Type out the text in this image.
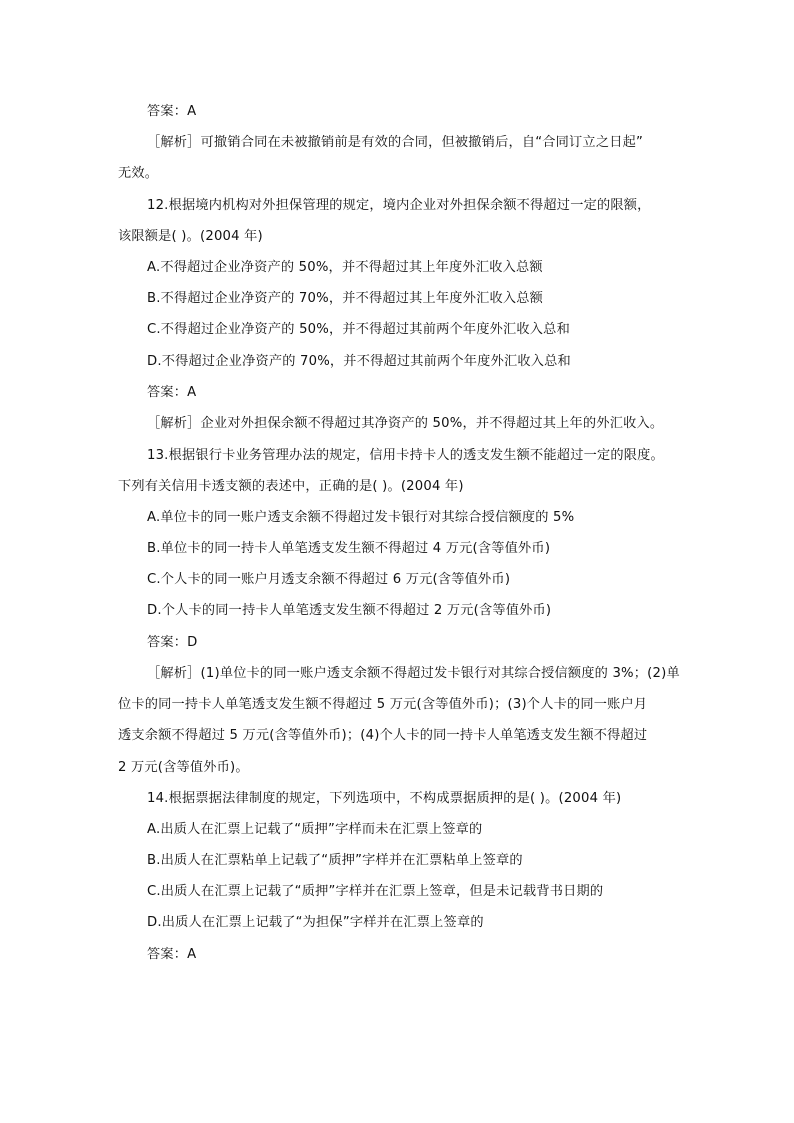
答案：A
［解析］可撤销合同在未被撤销前是有效的合同，但被撤销后，自“合同订立之日起”
无效。
12.根据境内机构对外担保管理的规定，境内企业对外担保余额不得超过一定的限额，
该限额是( )。(2004 年)
A.不得超过企业净资产的 50%，并不得超过其上年度外汇收入总额
B.不得超过企业净资产的 70%，并不得超过其上年度外汇收入总额
C.不得超过企业净资产的 50%，并不得超过其前两个年度外汇收入总和
D.不得超过企业净资产的 70%，并不得超过其前两个年度外汇收入总和
答案：A
［解析］企业对外担保余额不得超过其净资产的 50%，并不得超过其上年的外汇收入。
13.根据银行卡业务管理办法的规定，信用卡持卡人的透支发生额不能超过一定的限度。
下列有关信用卡透支额的表述中，正确的是( )。(2004 年)
A.单位卡的同一账户透支余额不得超过发卡银行对其综合授信额度的 5%
B.单位卡的同一持卡人单笔透支发生额不得超过 4 万元(含等值外币)
C.个人卡的同一账户月透支余额不得超过 6 万元(含等值外币)
D.个人卡的同一持卡人单笔透支发生额不得超过 2 万元(含等值外币)
答案：D
［解析］(1)单位卡的同一账户透支余额不得超过发卡银行对其综合授信额度的 3%；(2)单
位卡的同一持卡人单笔透支发生额不得超过 5 万元(含等值外币)；(3)个人卡的同一账户月
透支余额不得超过 5 万元(含等值外币)；(4)个人卡的同一持卡人单笔透支发生额不得超过
2 万元(含等值外币)。
14.根据票据法律制度的规定，下列选项中，不构成票据质押的是( )。(2004 年)
A.出质人在汇票上记载了“质押”字样而未在汇票上签章的
B.出质人在汇票粘单上记载了“质押”字样并在汇票粘单上签章的
C.出质人在汇票上记载了“质押”字样并在汇票上签章，但是未记载背书日期的
D.出质人在汇票上记载了“为担保”字样并在汇票上签章的
答案：A
